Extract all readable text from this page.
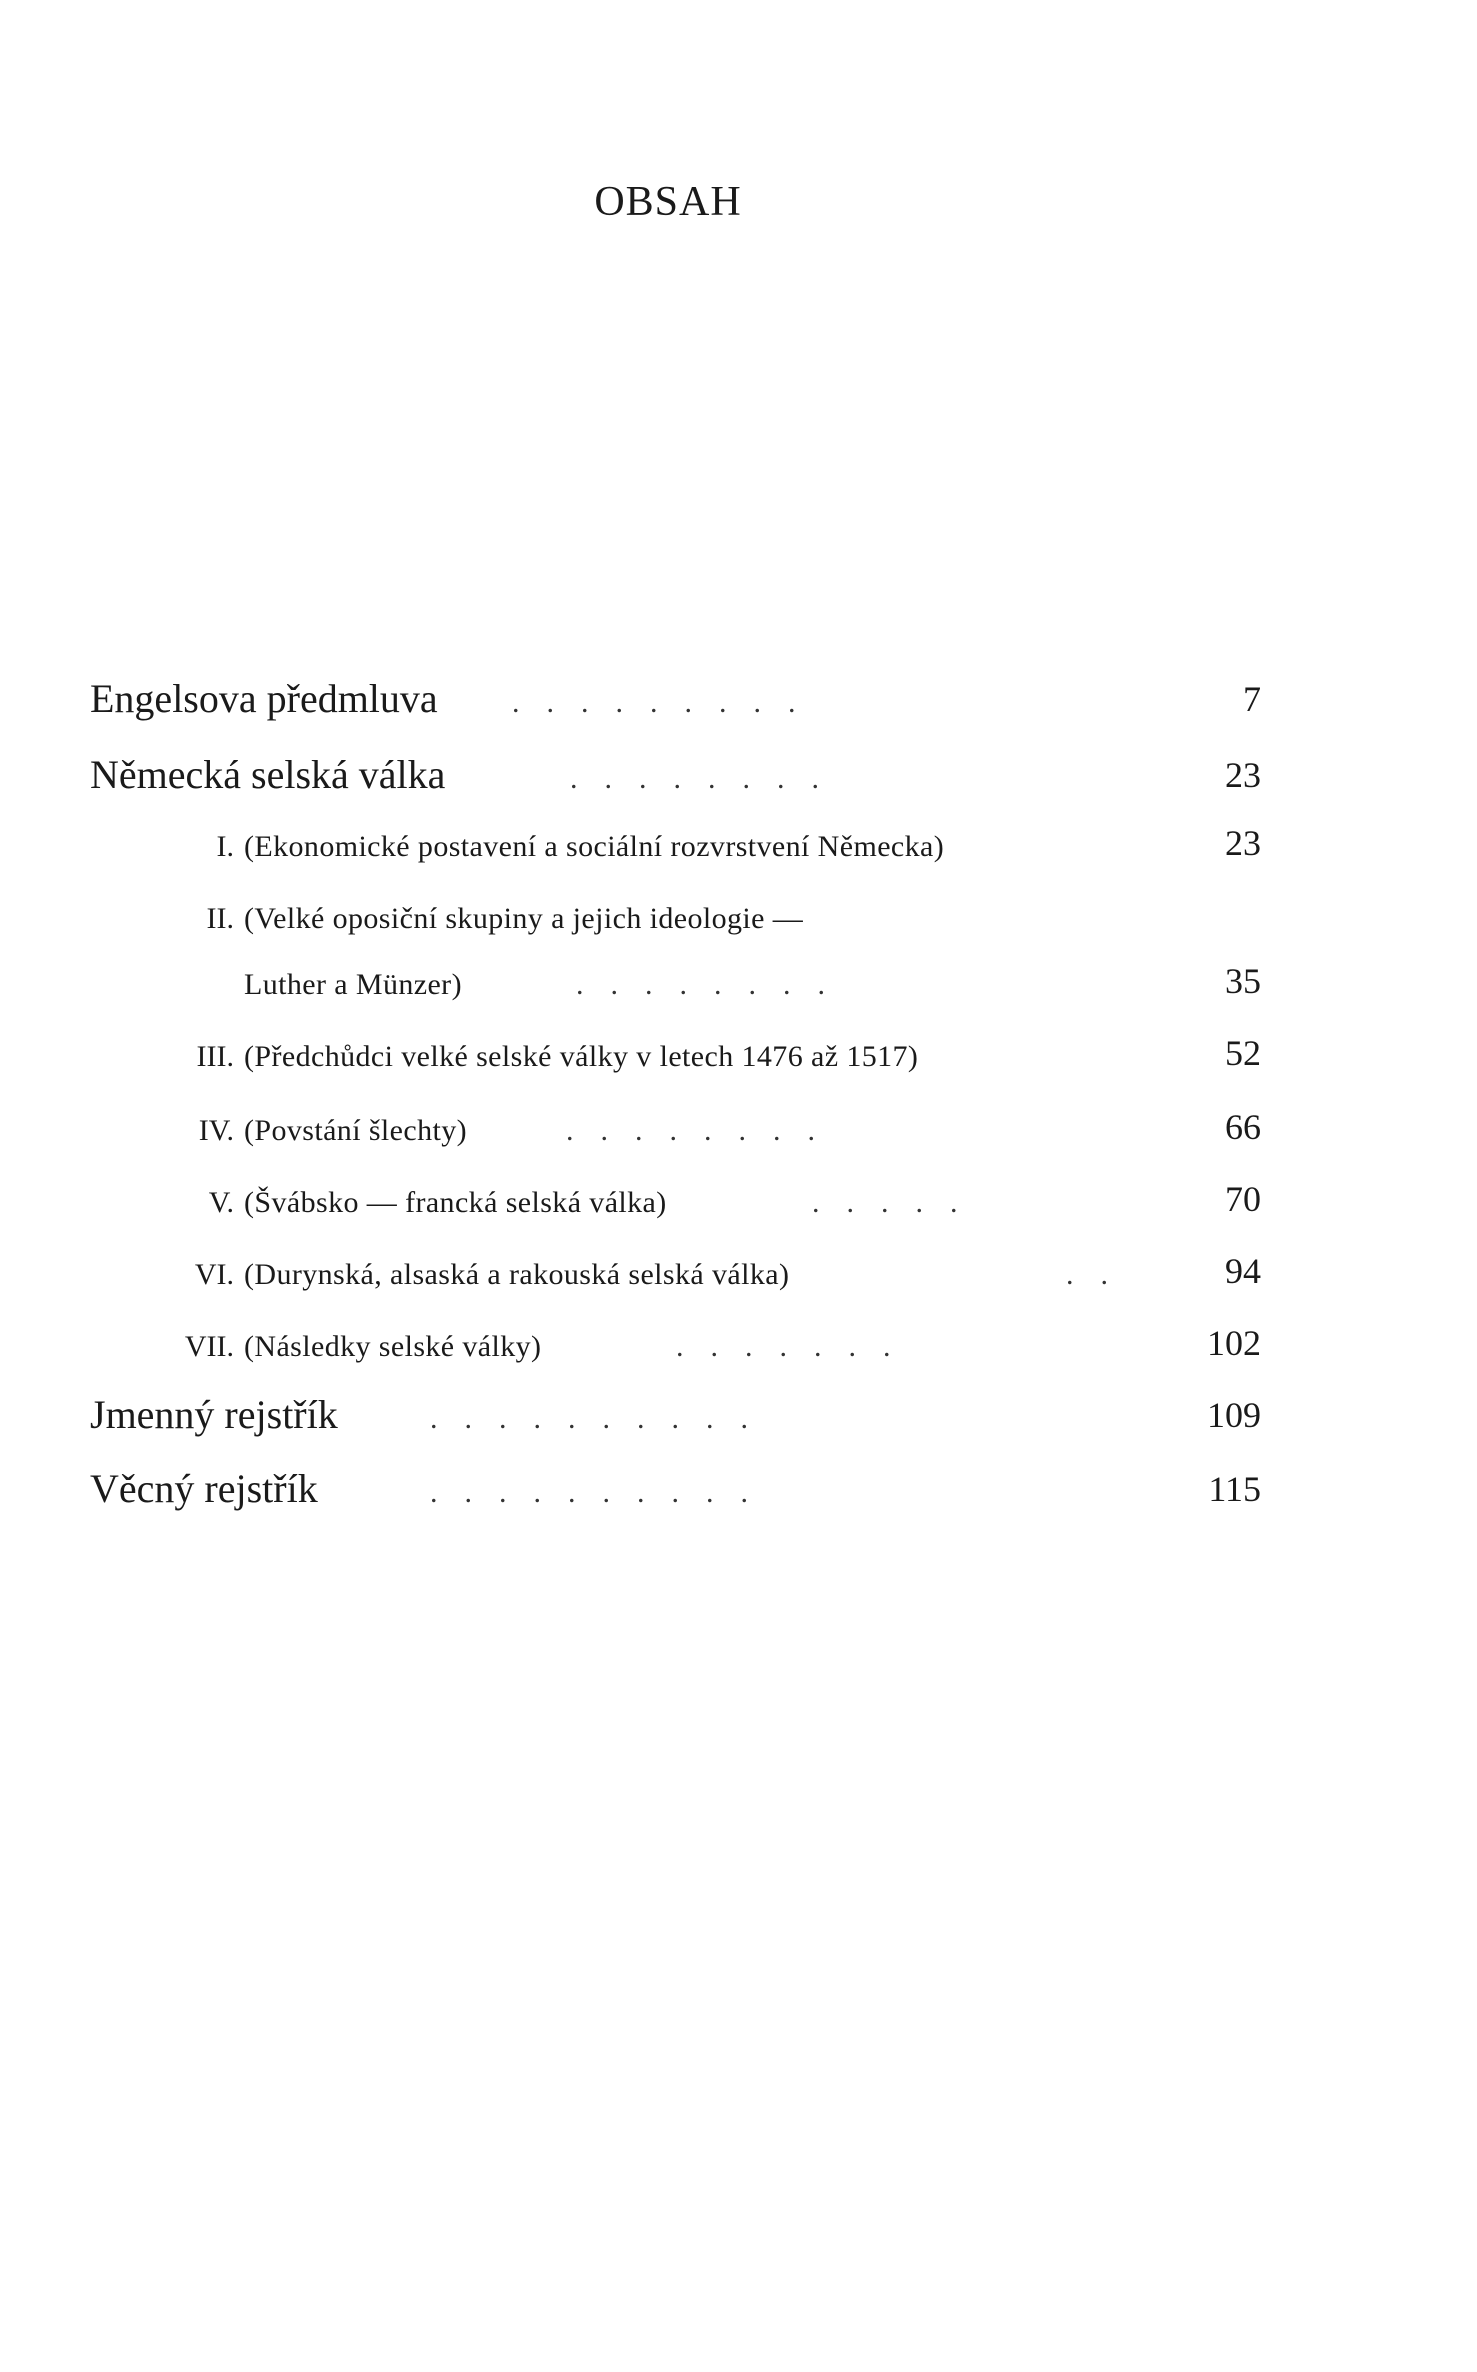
OBSAH
Engelsova předmluva .........	7
Německá selská válka	........	23
I. (Ekonomické postavení a sociální rozvrstvení Německa)	23
II. (Velké oposiční skupiny a jejich ideologie —
Luther a Münzer)	........	35
III. (Předchůdci velké selské války v letech 1476 až 1517)	52
IV. (Povstání šlechty)	........	66
V. (Švábsko — francká selská válka)	.....	70
VI. (Durynská, alsaská a rakouská selská válka)	..	94
VII. (Následky selské války)	.......	102
Jmenný rejstřík	..........	109
Věcný rejstřík	..........	115
